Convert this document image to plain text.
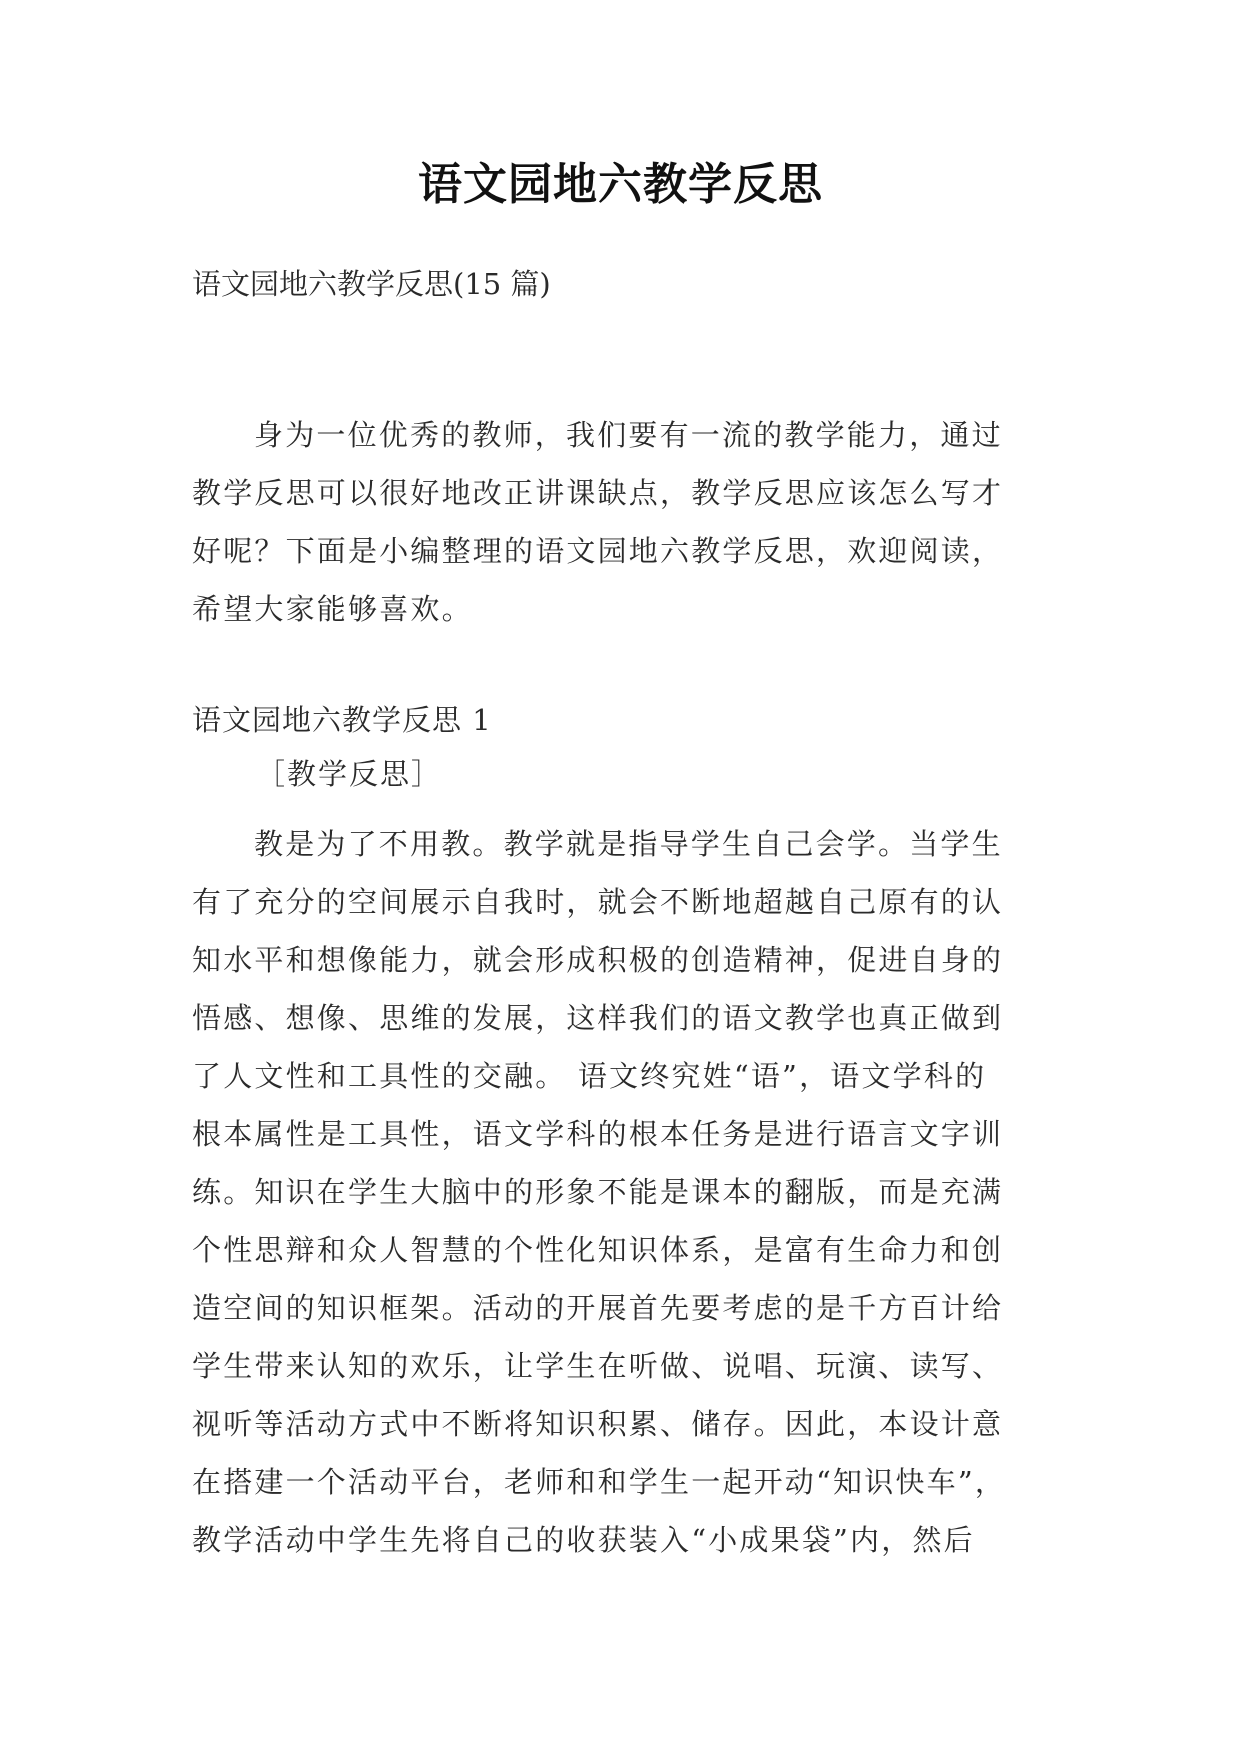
语文园地六教学反思
语文园地六教学反思(15 篇)
身为一位优秀的教师，我们要有一流的教学能力，通过
教学反思可以很好地改正讲课缺点，教学反思应该怎么写才
好呢？下面是小编整理的语文园地六教学反思，欢迎阅读，
希望大家能够喜欢。
语文园地六教学反思 1
［教学反思］
教是为了不用教。教学就是指导学生自己会学。当学生
有了充分的空间展示自我时，就会不断地超越自己原有的认
知水平和想像能力，就会形成积极的创造精神，促进自身的
悟感、想像、思维的发展，这样我们的语文教学也真正做到
了人文性和工具性的交融。 语文终究姓“语”，语文学科的
根本属性是工具性，语文学科的根本任务是进行语言文字训
练。知识在学生大脑中的形象不能是课本的翻版，而是充满
个性思辩和众人智慧的个性化知识体系，是富有生命力和创
造空间的知识框架。活动的开展首先要考虑的是千方百计给
学生带来认知的欢乐，让学生在听做、说唱、玩演、读写、
视听等活动方式中不断将知识积累、储存。因此，本设计意
在搭建一个活动平台，老师和和学生一起开动“知识快车”，
教学活动中学生先将自己的收获装入“小成果袋”内，然后
